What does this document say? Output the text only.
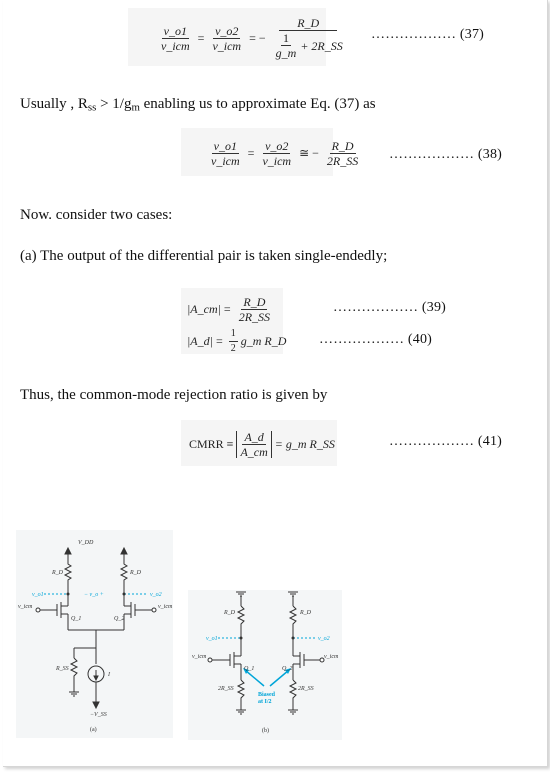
$\frac{v\_o1}{\text{v\_icm}} = \frac{v\_o2}{\text{v\_icm}}$ = − $\frac{R\_D}{\frac{1}{g\_m} + 2R\_SS}$ ……………… (37)
Usually , $R_{ss} > 1/g_m$ enabling us to approximate Eq. (37) as
$\frac{v\_o1}{\text{v\_icm}} = \frac{v\_o2}{\text{v\_icm}}$ ≅ − $\frac{R\_D}{2R\_SS}$ ……………… (38)
Now. consider two cases:
(a) The output of the differential pair is taken single-endedly;
|A_cm| = $\frac{R\_D}{2R\_SS}$	……………… (39)
|A_d| = $\frac{1}{2}$ g_m R_D ……………… (40)
Thus, the common-mode rejection ratio is given by
CMRR ≡ $\frac{A\_d}{A\_cm}$ = g_m R_SS	……………… (41)
V_DD
R_D	R_D
v_o1	v_o2
− v_o +
Q_1	Q_2
v_icm	v_icm
R_SS
I
−V_SS
(a)
R_D	R_D
v_o1	v_o2
Q_1	Q_2
v_icm	v_icm
2R_SS	2R_SS
Biased
at I/2
(b)
